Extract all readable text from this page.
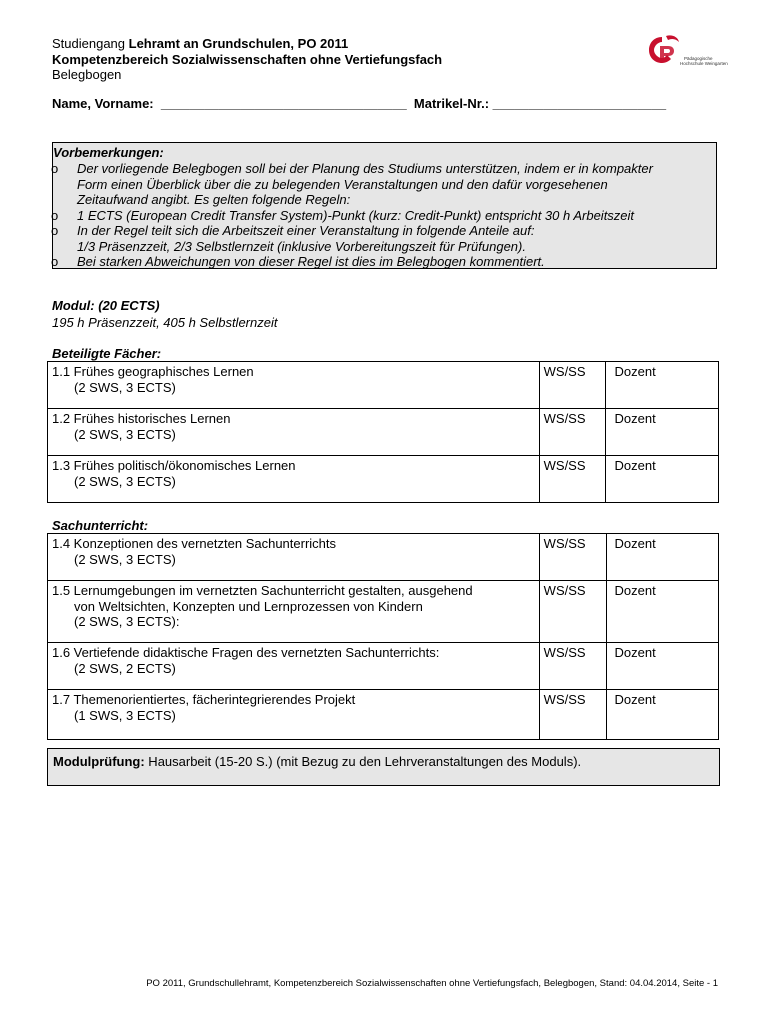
Studiengang Lehramt an Grundschulen, PO 2011
Kompetenzbereich Sozialwissenschaften ohne Vertiefungsfach
Belegbogen
Pädagogische
Hochschule Weingarten
Name, Vorname:  __________________________________  Matrikel-Nr.: ________________________
Vorbemerkungen:
o Der vorliegende Belegbogen soll bei der Planung des Studiums unterstützen, indem er in kompakter
Form einen Überblick über die zu belegenden Veranstaltungen und den dafür vorgesehenen
Zeitaufwand angibt. Es gelten folgende Regeln:
o 1 ECTS (European Credit Transfer System)-Punkt (kurz: Credit-Punkt) entspricht 30 h Arbeitszeit
o In der Regel teilt sich die Arbeitszeit einer Veranstaltung in folgende Anteile auf:
1/3 Präsenzzeit, 2/3 Selbstlernzeit (inklusive Vorbereitungszeit für Prüfungen).
o Bei starken Abweichungen von dieser Regel ist dies im Belegbogen kommentiert.
Modul: (20 ECTS)
195 h Präsenzzeit, 405 h Selbstlernzeit
Beteiligte Fächer:
1.1 Frühes geographisches Lernen
(2 SWS, 3 ECTS)	WS/SS	Dozent
1.2 Frühes historisches Lernen
(2 SWS, 3 ECTS)	WS/SS	Dozent
1.3 Frühes politisch/ökonomisches Lernen
(2 SWS, 3 ECTS)	WS/SS	Dozent
Sachunterricht:
1.4 Konzeptionen des vernetzten Sachunterrichts
(2 SWS, 3 ECTS)	WS/SS	Dozent
1.5 Lernumgebungen im vernetzten Sachunterricht gestalten, ausgehend
von Weltsichten, Konzepten und Lernprozessen von Kindern
(2 SWS, 3 ECTS):	WS/SS	Dozent
1.6 Vertiefende didaktische Fragen des vernetzten Sachunterrichts:
(2 SWS, 2 ECTS)	WS/SS	Dozent
1.7 Themenorientiertes, fächerintegrierendes Projekt
(1 SWS, 3 ECTS)	WS/SS	Dozent
Modulprüfung: Hausarbeit (15-20 S.) (mit Bezug zu den Lehrveranstaltungen des Moduls).
PO 2011, Grundschullehramt, Kompetenzbereich Sozialwissenschaften ohne Vertiefungsfach, Belegbogen, Stand: 04.04.2014, Seite - 1
